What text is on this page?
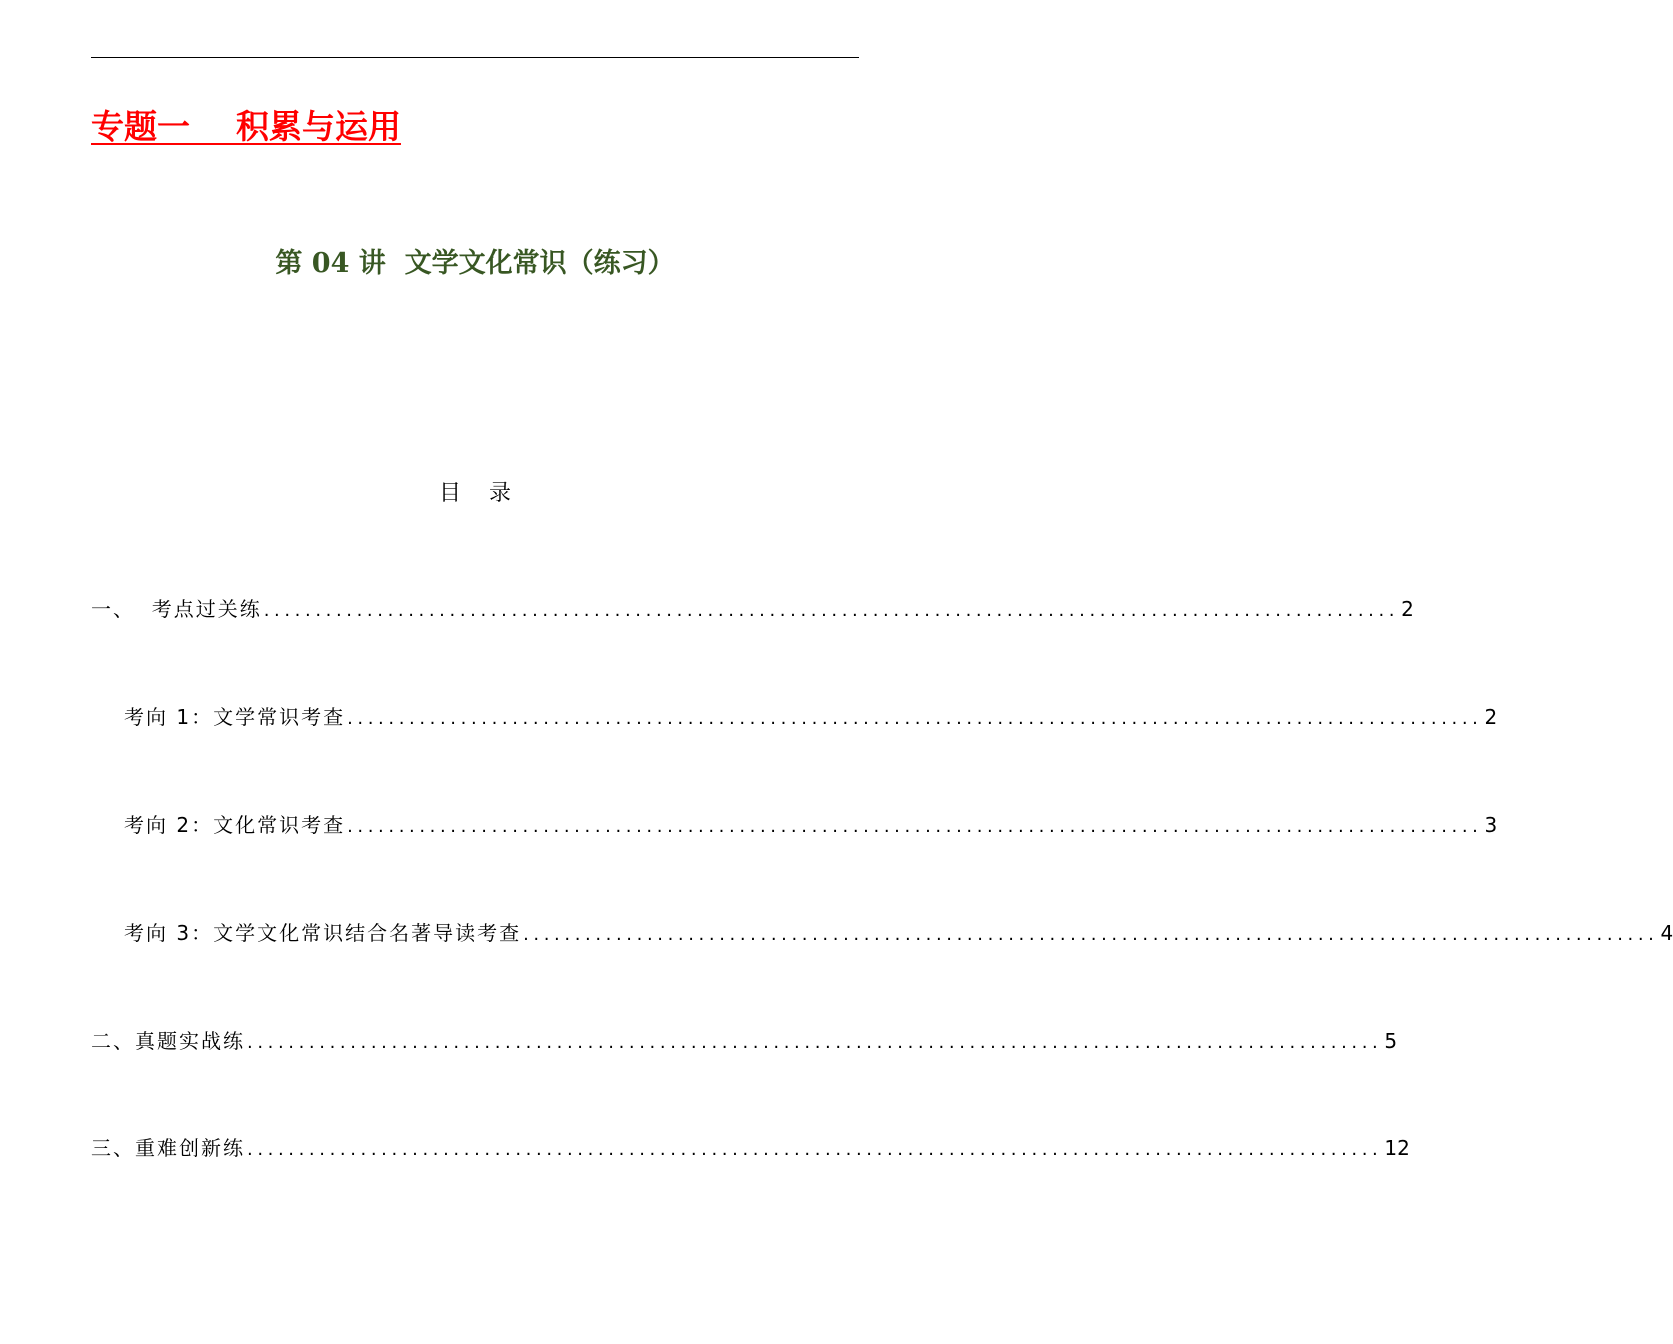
专题一    积累与运用
第 04 讲  文学文化常识（练习）
目    录
一、  考点过关练 .............................................................................................................. 2
考向 1：文学常识考查 .............................................................................................................. 2
考向 2：文化常识考查 .............................................................................................................. 3
考向 3：文学文化常识结合名著导读考查 .............................................................................................................. 4
二、真题实战练 .............................................................................................................. 5
三、重难创新练 .............................................................................................................. 12
